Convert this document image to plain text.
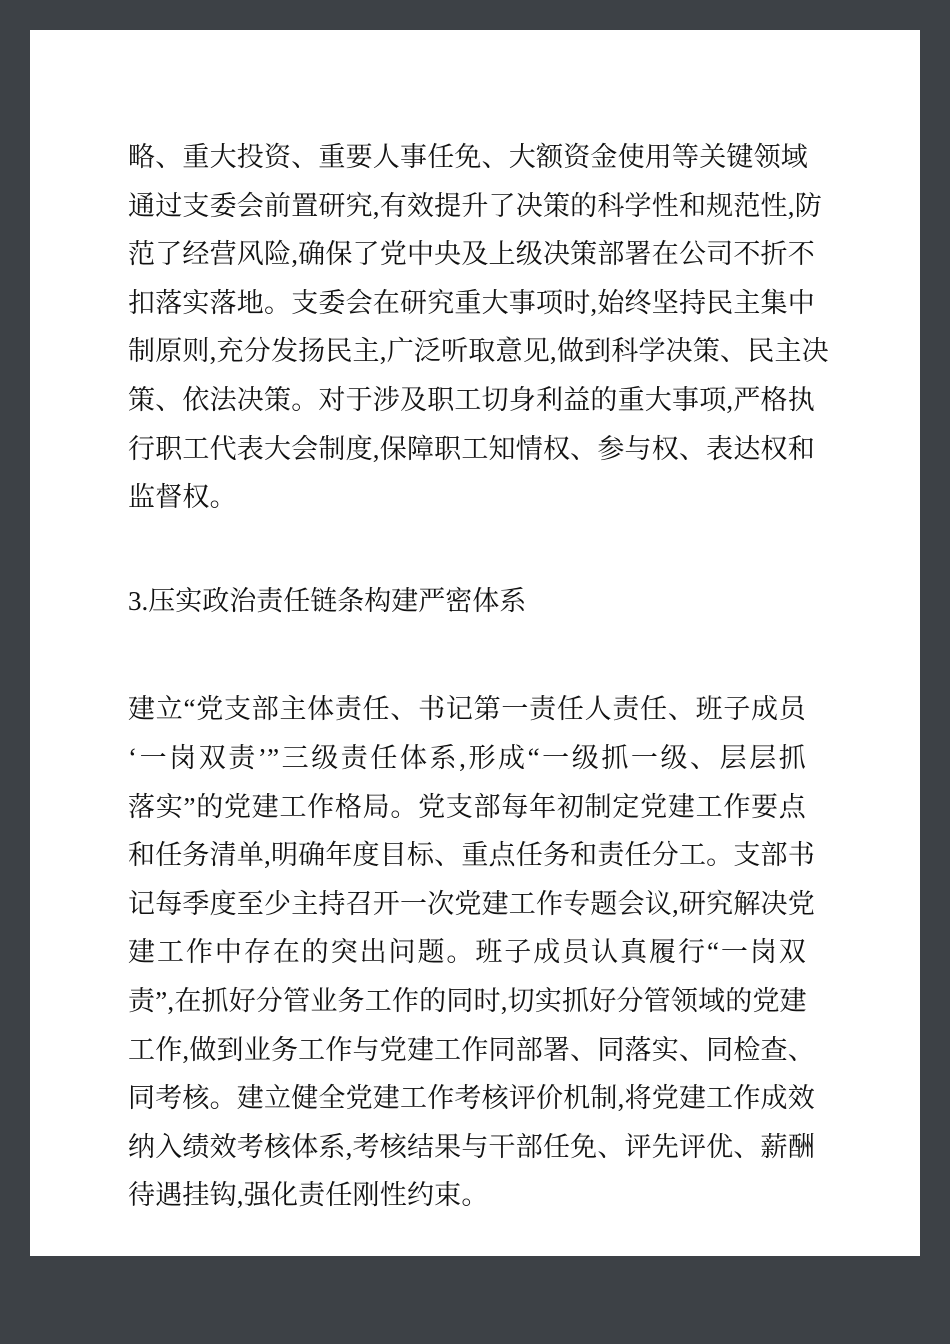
略、重大投资、重要人事任免、大额资金使用等关键领域
通过支委会前置研究,有效提升了决策的科学性和规范性,防
范了经营风险,确保了党中央及上级决策部署在公司不折不
扣落实落地。支委会在研究重大事项时,始终坚持民主集中
制原则,充分发扬民主,广泛听取意见,做到科学决策、民主决
策、依法决策。对于涉及职工切身利益的重大事项,严格执
行职工代表大会制度,保障职工知情权、参与权、表达权和
监督权。
3.压实政治责任链条构建严密体系
建立“党支部主体责任、书记第一责任人责任、班子成员
‘一岗双责’”三级责任体系,形成“一级抓一级、层层抓
落实”的党建工作格局。党支部每年初制定党建工作要点
和任务清单,明确年度目标、重点任务和责任分工。支部书
记每季度至少主持召开一次党建工作专题会议,研究解决党
建工作中存在的突出问题。班子成员认真履行“一岗双
责”,在抓好分管业务工作的同时,切实抓好分管领域的党建
工作,做到业务工作与党建工作同部署、同落实、同检查、
同考核。建立健全党建工作考核评价机制,将党建工作成效
纳入绩效考核体系,考核结果与干部任免、评先评优、薪酬
待遇挂钩,强化责任刚性约束。
